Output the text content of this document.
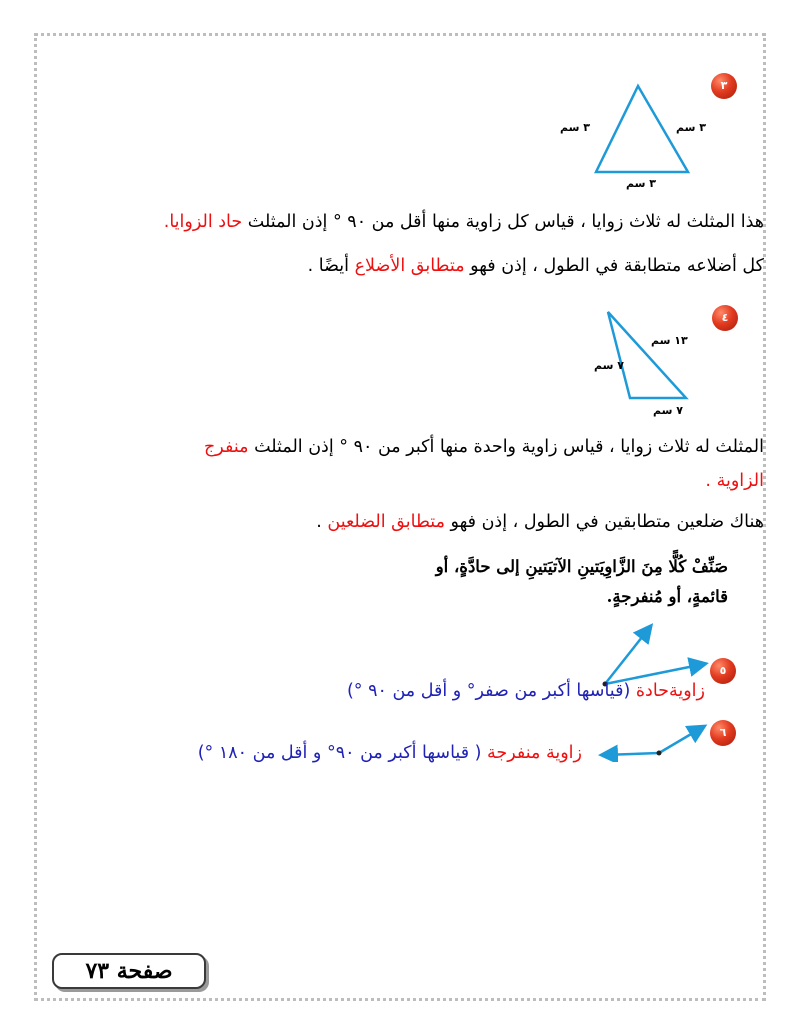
٣
٣ سم	٣ سم
٣ سم
هذا المثلث له ثلاث زوايا ، قياس كل زاوية منها أقل من ٩٠ ° إذن المثلث حاد الزوايا.
كل أضلاعه متطابقة في الطول ، إذن فهو متطابق الأضلاع أيضًا .
٤
١٣ سم
٧ سم
٧ سم
المثلث له ثلاث زوايا ، قياس زاوية واحدة منها أكبر من ٩٠ ° إذن المثلث منفرج
الزاوية .
هناك ضلعين متطابقين في الطول ، إذن فهو متطابق الضلعين .
صَنِّفْ كُلًّا مِنَ الزَّاوِيَتينِ الآتيَتينِ إلى حادَّةٍ، أو
قائمةٍ، أو مُنفرجةٍ.
٥
زاويةحادة (قياسها أكبر من صفر° و أقل من ٩٠ °)
٦
زاوية منفرجة ( قياسها أكبر من ٩٠° و أقل من ١٨٠ °)
صفحة ٧٣
